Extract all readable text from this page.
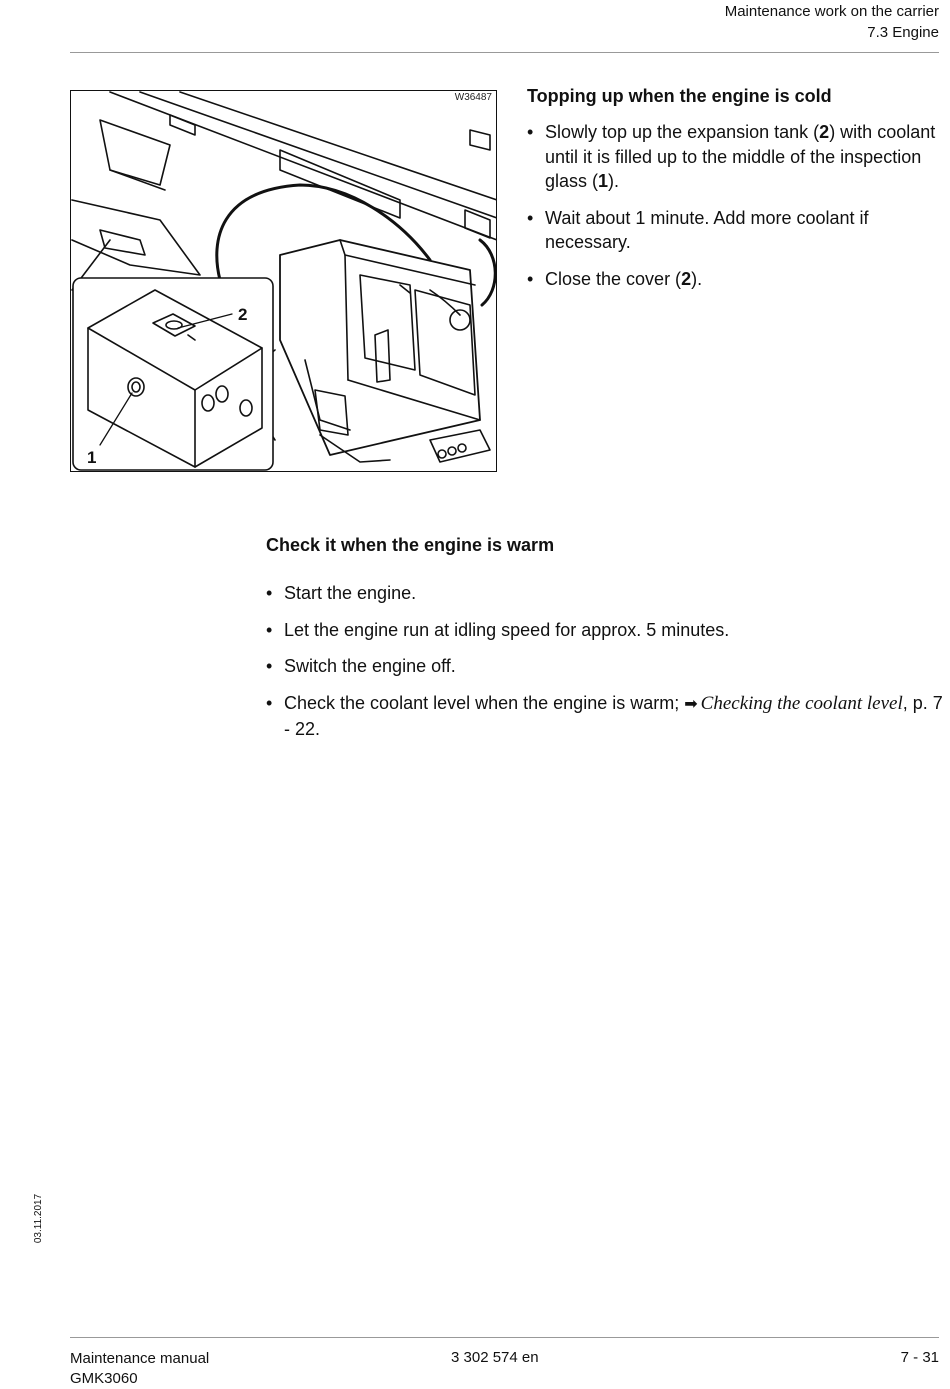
Maintenance work on the carrier
7.3 Engine
2
1
W36487 Topping up when the engine is cold
• Slowly top up the expansion tank (2) with coolant until it is filled up to the middle of the inspection glass (1).
• Wait about 1 minute. Add more coolant if necessary.
• Close the cover (2).
Check it when the engine is warm
• Start the engine.
• Let the engine run at idling speed for approx. 5 minutes.
• Switch the engine off.
• Check the coolant level when the engine is warm; ➡ Checking the coolant level, p. 7 - 22.
03.11.2017
Maintenance manual
GMK3060
3 302 574 en	7 - 31
